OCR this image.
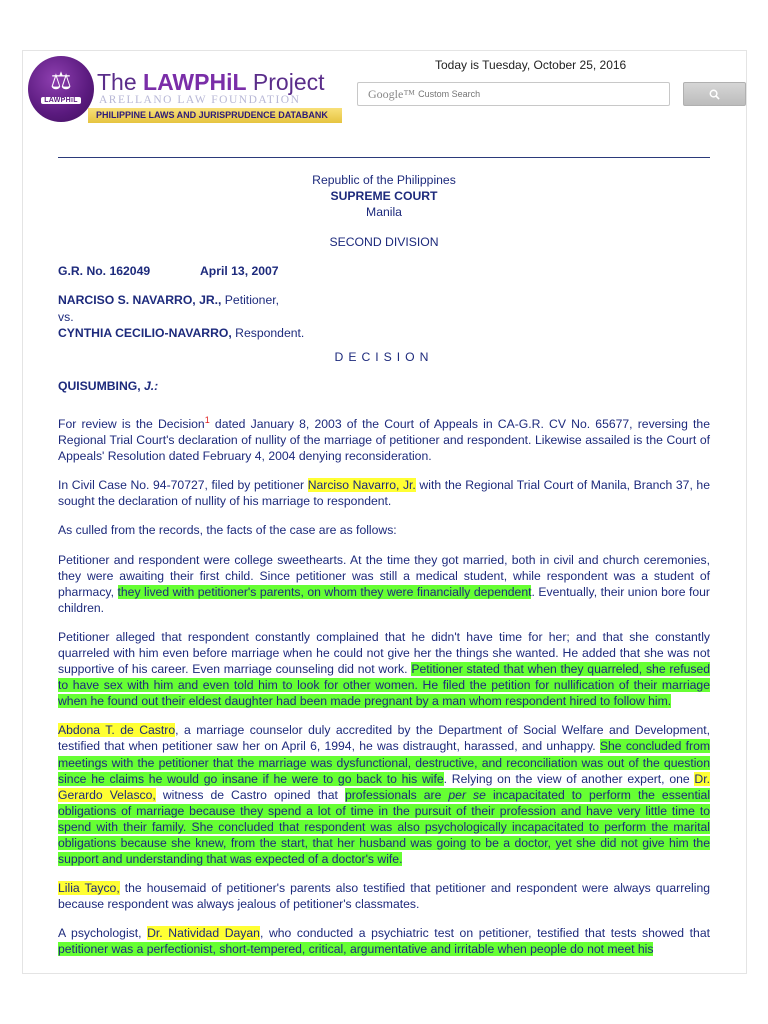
⚖
LAWPHiL
The LAWPHiL Project
ARELLANO LAW FOUNDATION
PHILIPPINE LAWS AND JURISPRUDENCE DATABANK
Today is Tuesday, October 25, 2016
Google™
Custom Search
Republic of the Philippines
SUPREME COURT
Manila
SECOND DIVISION
G.R. No. 162049	April 13, 2007
NARCISO S. NAVARRO, JR., Petitioner,
vs.
CYNTHIA CECILIO-NAVARRO, Respondent.
DECISION
QUISUMBING, J.:

For review is the Decision$^1$ dated January 8, 2003 of the Court of Appeals in CA-G.R. CV No. 65677, reversing the Regional Trial Court's declaration of nullity of the marriage of petitioner and respondent. Likewise assailed is the Court of Appeals' Resolution dated February 4, 2004 denying reconsideration.

In Civil Case No. 94-70727, filed by petitioner Narciso Navarro, Jr. with the Regional Trial Court of Manila, Branch 37, he sought the declaration of nullity of his marriage to respondent.

As culled from the records, the facts of the case are as follows:

Petitioner and respondent were college sweethearts. At the time they got married, both in civil and church ceremonies, they were awaiting their first child. Since petitioner was still a medical student, while respondent was a student of pharmacy, they lived with petitioner's parents, on whom they were financially dependent. Eventually, their union bore four children.

Petitioner alleged that respondent constantly complained that he didn't have time for her; and that she constantly quarreled with him even before marriage when he could not give her the things she wanted. He added that she was not supportive of his career. Even marriage counseling did not work. Petitioner stated that when they quarreled, she refused to have sex with him and even told him to look for other women. He filed the petition for nullification of their marriage when he found out their eldest daughter had been made pregnant by a man whom respondent hired to follow him.

Abdona T. de Castro, a marriage counselor duly accredited by the Department of Social Welfare and Development, testified that when petitioner saw her on April 6, 1994, he was distraught, harassed, and unhappy. She concluded from meetings with the petitioner that the marriage was dysfunctional, destructive, and reconciliation was out of the question since he claims he would go insane if he were to go back to his wife. Relying on the view of another expert, one Dr. Gerardo Velasco, witness de Castro opined that professionals are per se incapacitated to perform the essential obligations of marriage because they spend a lot of time in the pursuit of their profession and have very little time to spend with their family. She concluded that respondent was also psychologically incapacitated to perform the marital obligations because she knew, from the start, that her husband was going to be a doctor, yet she did not give him the support and understanding that was expected of a doctor's wife.

Lilia Tayco, the housemaid of petitioner's parents also testified that petitioner and respondent were always quarreling because respondent was always jealous of petitioner's classmates.

A psychologist, Dr. Natividad Dayan, who conducted a psychiatric test on petitioner, testified that tests showed that petitioner was a perfectionist, short-tempered, critical, argumentative and irritable when people do not meet his
